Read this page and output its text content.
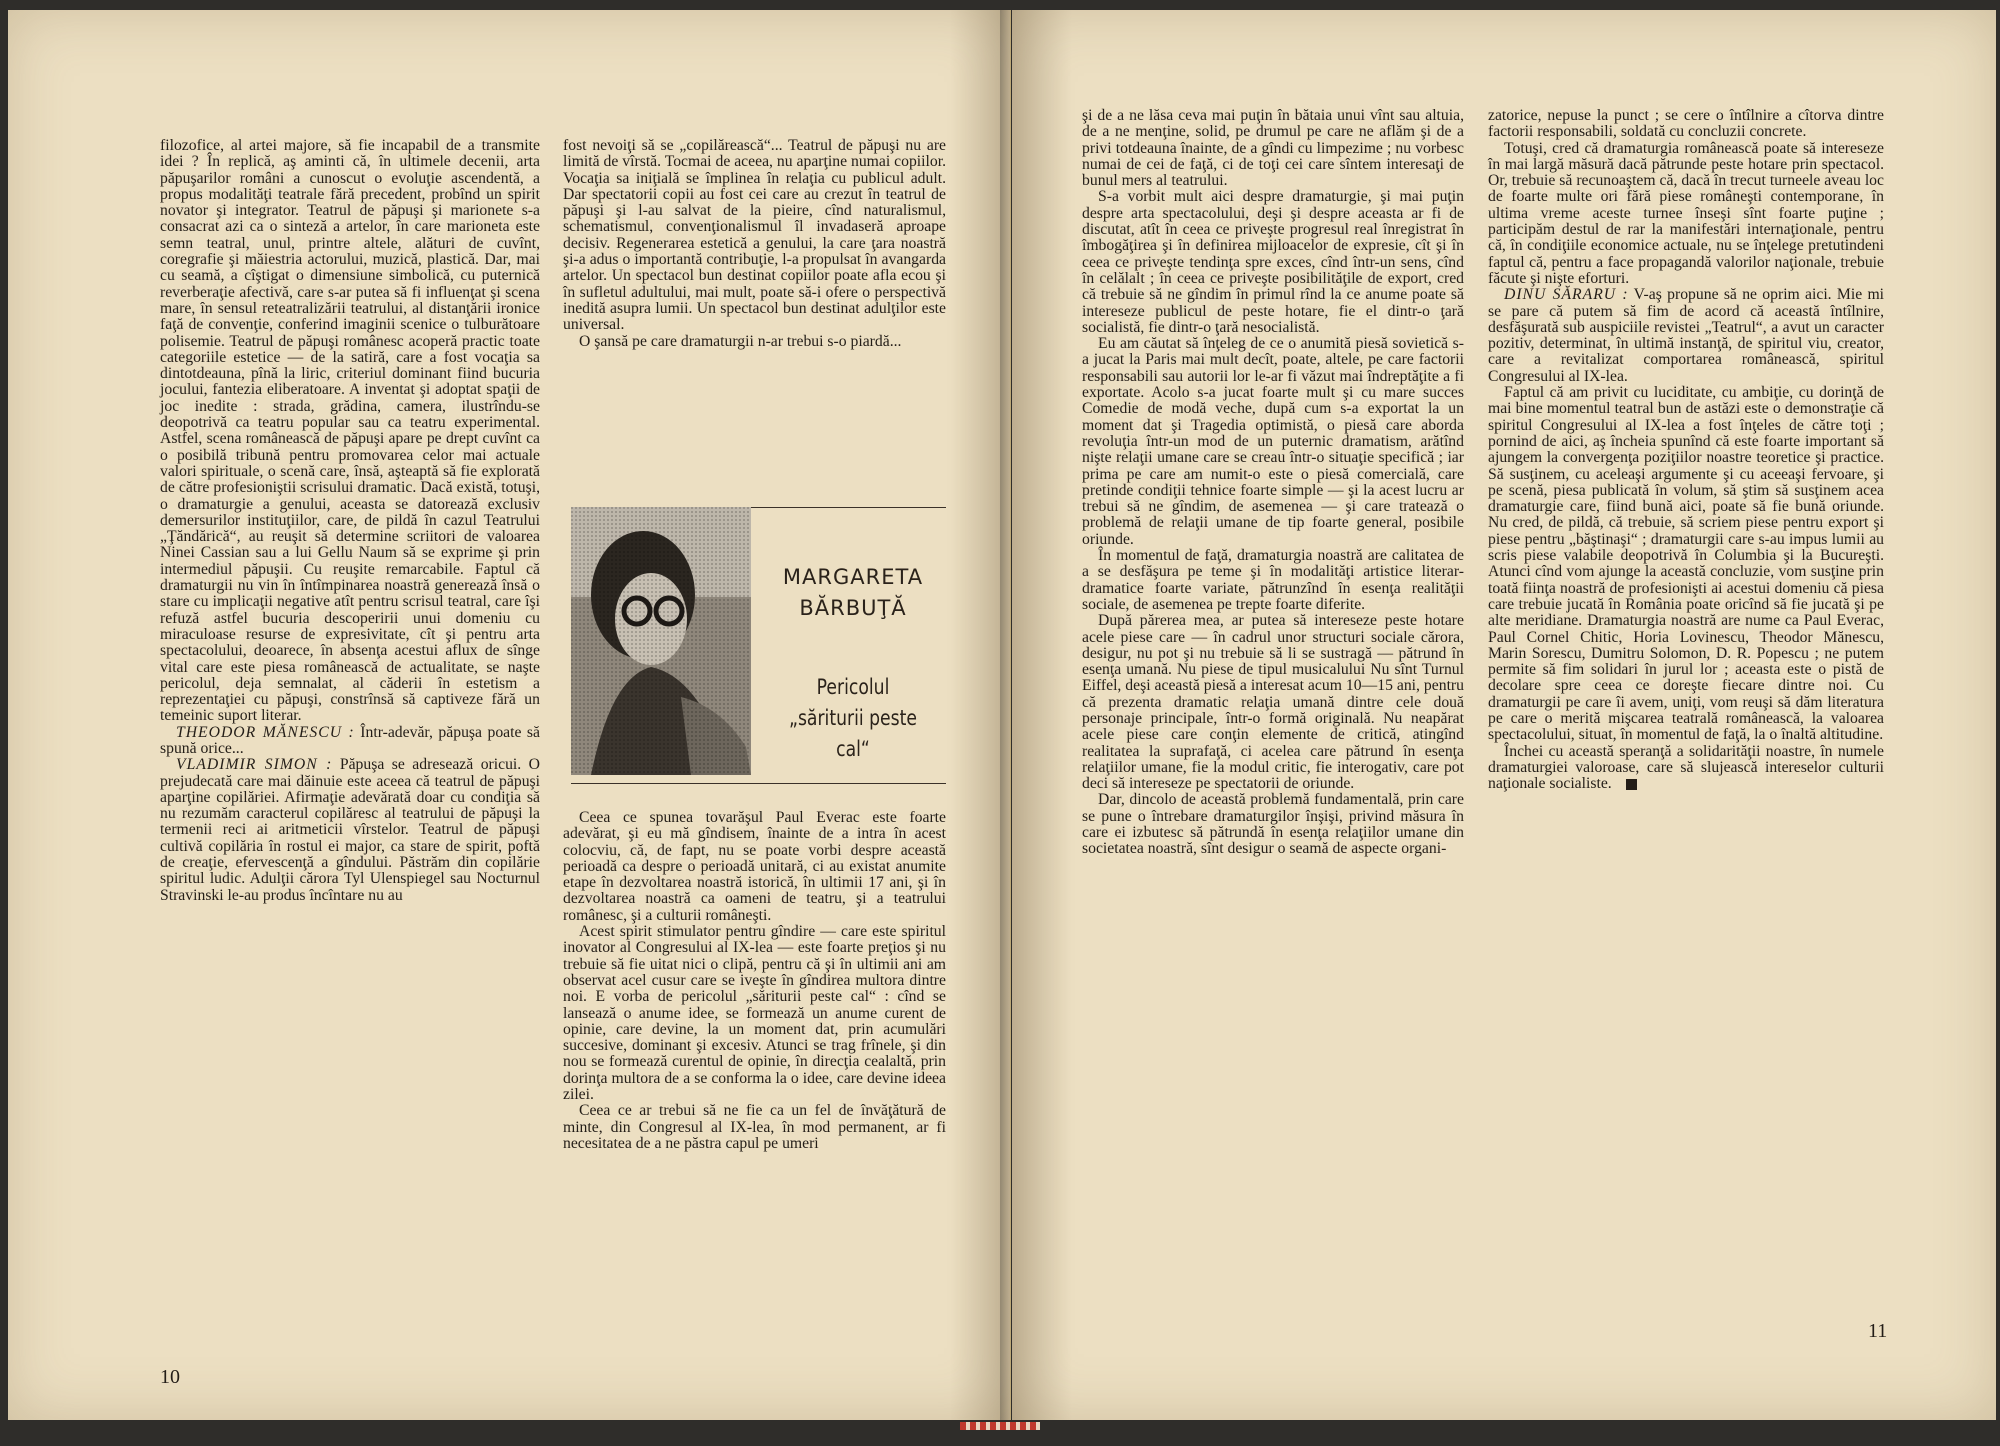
filozofice, al artei majore, să fie incapabil de a transmite idei ? În replică, aş aminti că, în ultimele decenii, arta păpuşarilor români a cunoscut o evoluţie ascendentă, a propus modalităţi teatrale fără precedent, probînd un spirit novator şi integrator. Teatrul de păpuşi şi marionete s-a consacrat azi ca o sinteză a artelor, în care marioneta este semn teatral, unul, printre altele, alături de cuvînt, coregrafie şi măiestria actorului, muzică, plastică. Dar, mai cu seamă, a cîştigat o dimensiune simbolică, cu puternică reverberaţie afectivă, care s-ar putea să fi influenţat şi scena mare, în sensul reteatralizării teatrului, al distanţării ironice faţă de convenţie, conferind imaginii scenice o tulburătoare polisemie. Teatrul de păpuşi românesc acoperă practic toate categoriile estetice — de la satiră, care a fost vocaţia sa dintotdeauna, pînă la liric, criteriul dominant fiind bucuria jocului, fantezia eliberatoare. A inventat şi adoptat spaţii de joc inedite : strada, grădina, camera, ilustrîndu-se deopotrivă ca teatru popular sau ca teatru experimental. Astfel, scena românească de păpuşi apare pe drept cuvînt ca o posibilă tribună pentru promovarea celor mai actuale valori spirituale, o scenă care, însă, aşteaptă să fie explorată de către profesioniştii scrisului dramatic. Dacă există, totuşi, o dramaturgie a genului, aceasta se datorează exclusiv demersurilor instituţiilor, care, de pildă în cazul Teatrului „Ţăndărică“, au reuşit să determine scriitori de valoarea Ninei Cassian sau a lui Gellu Naum să se exprime şi prin intermediul păpuşii. Cu reuşite remarcabile. Faptul că dramaturgii nu vin în întîmpinarea noastră generează însă o stare cu implicaţii negative atît pentru scrisul teatral, care îşi refuză astfel bucuria descoperirii unui domeniu cu miraculoase resurse de expresivitate, cît şi pentru arta spectacolului, deoarece, în absenţa acestui aflux de sînge vital care este piesa românească de actualitate, se naşte pericolul, deja semnalat, al căderii în estetism a reprezentaţiei cu păpuşi, constrînsă să captiveze fără un temeinic suport literar.

THEODOR MĂNESCU : Într-adevăr, păpuşa poate să spună orice...

VLADIMIR SIMON : Păpuşa se adresează oricui. O prejudecată care mai dăinuie este aceea că teatrul de păpuşi aparţine copilăriei. Afirmaţie adevărată doar cu condiţia să nu rezumăm caracterul copilăresc al teatrului de păpuşi la termenii reci ai aritmeticii vîrstelor. Teatrul de păpuşi cultivă copilăria în rostul ei major, ca stare de spirit, poftă de creaţie, efervescenţă a gîndului. Păstrăm din copilărie spiritul ludic. Adulţii cărora Tyl Ulenspiegel sau Nocturnul Stravinski le-au produs încîntare nu au

fost nevoiţi să se „copilărească“... Teatrul de păpuşi nu are limită de vîrstă. Tocmai de aceea, nu aparţine numai copiilor. Vocaţia sa iniţială se împlinea în relaţia cu publicul adult. Dar spectatorii copii au fost cei care au crezut în teatrul de păpuşi şi l-au salvat de la pieire, cînd naturalismul, schematismul, convenţionalismul îl invadaseră aproape decisiv. Regenerarea estetică a genului, la care ţara noastră şi-a adus o importantă contribuţie, l-a propulsat în avangarda artelor. Un spectacol bun destinat copiilor poate afla ecou şi în sufletul adultului, mai mult, poate să-i ofere o perspectivă inedită asupra lumii. Un spectacol bun destinat adulţilor este universal.

O şansă pe care dramaturgii n-ar trebui s-o piardă...

MARGARETA
BĂRBUŢĂ
Pericolul
„săriturii peste cal“

Ceea ce spunea tovarăşul Paul Everac este foarte adevărat, şi eu mă gîndisem, înainte de a intra în acest colocviu, că, de fapt, nu se poate vorbi despre această perioadă ca despre o perioadă unitară, ci au existat anumite etape în dezvoltarea noastră istorică, în ultimii 17 ani, şi în dezvoltarea noastră ca oameni de teatru, şi a teatrului românesc, şi a culturii româneşti.

Acest spirit stimulator pentru gîndire — care este spiritul inovator al Congresului al IX-lea — este foarte preţios şi nu trebuie să fie uitat nici o clipă, pentru că şi în ultimii ani am observat acel cusur care se iveşte în gîndirea multora dintre noi. E vorba de pericolul „săriturii peste cal“ : cînd se lansează o anume idee, se formează un anume curent de opinie, care devine, la un moment dat, prin acumulări succesive, dominant şi excesiv. Atunci se trag frînele, şi din nou se formează curentul de opinie, în direcţia cealaltă, prin dorinţa multora de a se conforma la o idee, care devine ideea zilei.

Ceea ce ar trebui să ne fie ca un fel de învăţătură de minte, din Congresul al IX-lea, în mod permanent, ar fi necesitatea de a ne păstra capul pe umeri

10

şi de a ne lăsa ceva mai puţin în bătaia unui vînt sau altuia, de a ne menţine, solid, pe drumul pe care ne aflăm şi de a privi totdeauna înainte, de a gîndi cu limpezime ; nu vorbesc numai de cei de faţă, ci de toţi cei care sîntem interesaţi de bunul mers al teatrului.

S-a vorbit mult aici despre dramaturgie, şi mai puţin despre arta spectacolului, deşi şi despre aceasta ar fi de discutat, atît în ceea ce priveşte progresul real înregistrat în îmbogăţirea şi în definirea mijloacelor de expresie, cît şi în ceea ce priveşte tendinţa spre exces, cînd într-un sens, cînd în celălalt ; în ceea ce priveşte posibilităţile de export, cred că trebuie să ne gîndim în primul rînd la ce anume poate să intereseze publicul de peste hotare, fie el dintr-o ţară socialistă, fie dintr-o ţară nesocialistă.

Eu am căutat să înţeleg de ce o anumită piesă sovietică s-a jucat la Paris mai mult decît, poate, altele, pe care factorii responsabili sau autorii lor le-ar fi văzut mai îndreptăţite a fi exportate. Acolo s-a jucat foarte mult şi cu mare succes Comedie de modă veche, după cum s-a exportat la un moment dat şi Tragedia optimistă, o piesă care aborda revoluţia într-un mod de un puternic dramatism, arătînd nişte relaţii umane care se creau într-o situaţie specifică ; iar prima pe care am numit-o este o piesă comercială, care pretinde condiţii tehnice foarte simple — şi la acest lucru ar trebui să ne gîndim, de asemenea — şi care tratează o problemă de relaţii umane de tip foarte general, posibile oriunde.

În momentul de faţă, dramaturgia noastră are calitatea de a se desfăşura pe teme şi în modalităţi artistice literar-dramatice foarte variate, pătrunzînd în esenţa realităţii sociale, de asemenea pe trepte foarte diferite.

După părerea mea, ar putea să intereseze peste hotare acele piese care — în cadrul unor structuri sociale cărora, desigur, nu pot şi nu trebuie să li se sustragă — pătrund în esenţa umană. Nu piese de tipul musicalului Nu sînt Turnul Eiffel, deşi această piesă a interesat acum 10—15 ani, pentru că prezenta dramatic relaţia umană dintre cele două personaje principale, într-o formă originală. Nu neapărat acele piese care conţin elemente de critică, atingînd realitatea la suprafaţă, ci acelea care pătrund în esenţa relaţiilor umane, fie la modul critic, fie interogativ, care pot deci să intereseze pe spectatorii de oriunde.

Dar, dincolo de această problemă fundamentală, prin care se pune o întrebare dramaturgilor înşişi, privind măsura în care ei izbutesc să pătrundă în esenţa relaţiilor umane din societatea noastră, sînt desigur o seamă de aspecte organi-

zatorice, nepuse la punct ; se cere o întîlnire a cîtorva dintre factorii responsabili, soldată cu concluzii concrete.

Totuşi, cred că dramaturgia românească poate să intereseze în mai largă măsură dacă pătrunde peste hotare prin spectacol. Or, trebuie să recunoaştem că, dacă în trecut turneele aveau loc de foarte multe ori fără piese româneşti contemporane, în ultima vreme aceste turnee înseşi sînt foarte puţine ; participăm destul de rar la manifestări internaţionale, pentru că, în condiţiile economice actuale, nu se înţelege pretutindeni faptul că, pentru a face propagandă valorilor naţionale, trebuie făcute şi nişte eforturi.

DINU SĂRARU : V-aş propune să ne oprim aici. Mie mi se pare că putem să fim de acord că această întîlnire, desfăşurată sub auspiciile revistei „Teatrul“, a avut un caracter pozitiv, determinat, în ultimă instanţă, de spiritul viu, creator, care a revitalizat comportarea românească, spiritul Congresului al IX-lea.

Faptul că am privit cu luciditate, cu ambiţie, cu dorinţă de mai bine momentul teatral bun de astăzi este o demonstraţie că spiritul Congresului al IX-lea a fost înţeles de către toţi ; pornind de aici, aş încheia spunînd că este foarte important să ajungem la convergenţa poziţiilor noastre teoretice şi practice. Să susţinem, cu aceleaşi argumente şi cu aceeaşi fervoare, şi pe scenă, piesa publicată în volum, să ştim să susţinem acea dramaturgie care, fiind bună aici, poate să fie bună oriunde. Nu cred, de pildă, că trebuie, să scriem piese pentru export şi piese pentru „băştinaşi“ ; dramaturgii care s-au impus lumii au scris piese valabile deopotrivă în Columbia şi la Bucureşti. Atunci cînd vom ajunge la această concluzie, vom susţine prin toată fiinţa noastră de profesionişti ai acestui domeniu că piesa care trebuie jucată în România poate oricînd să fie jucată şi pe alte meridiane. Dramaturgia noastră are nume ca Paul Everac, Paul Cornel Chitic, Horia Lovinescu, Theodor Mănescu, Marin Sorescu, Dumitru Solomon, D. R. Popescu ; ne putem permite să fim solidari în jurul lor ; aceasta este o pistă de decolare spre ceea ce doreşte fiecare dintre noi. Cu dramaturgii pe care îi avem, uniţi, vom reuşi să dăm literatura pe care o merită mişcarea teatrală românească, la valoarea spectacolului, situat, în momentul de faţă, la o înaltă altitudine.

Închei cu această speranţă a solidarităţii noastre, în numele dramaturgiei valoroase, care să slujească intereselor culturii naţionale socialiste.

11
